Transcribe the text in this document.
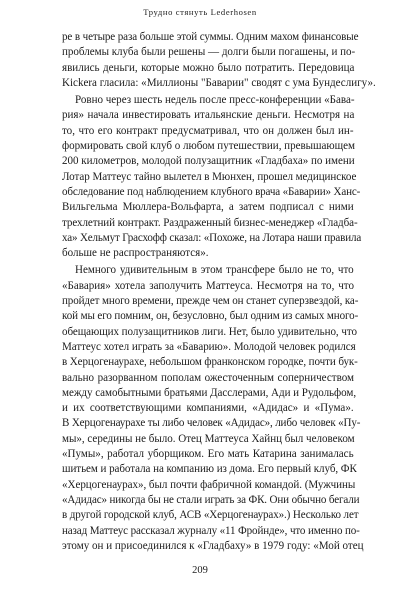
Трудно стянуть Lederhosen

ре в четыре раза больше этой суммы. Одним махом финансовые
проблемы клуба были решены — долги были погашены, и по-
явились деньги, которые можно было потратить. Передовица
Kickera гласила: «Миллионы "Баварии" сводят с ума Бундеслигу».

Ровно через шесть недель после пресс-конференции «Бава-
рия» начала инвестировать итальянские деньги. Несмотря на
то, что его контракт предусматривал, что он должен был ин-
формировать свой клуб о любом путешествии, превышающем
200 километров, молодой полузащитник «Гладбаха» по имени
Лотар Маттеус тайно вылетел в Мюнхен, прошел медицинское
обследование под наблюдением клубного врача «Баварии» Ханс-
Вильгельма Мюллера-Вольфарта, а затем подписал с ними
трехлетний контракт. Раздраженный бизнес-менеджер «Гладба-
ха» Хельмут Грасхофф сказал: «Похоже, на Лотара наши правила
больше не распространяются».

Немного удивительным в этом трансфере было не то, что
«Бавария» хотела заполучить Маттеуса. Несмотря на то, что
пройдет много времени, прежде чем он станет суперзвездой, ка-
кой мы его помним, он, безусловно, был одним из самых много-
обещающих полузащитников лиги. Нет, было удивительно, что
Маттеус хотел играть за «Баварию». Молодой человек родился
в Херцогенаурахе, небольшом франконском городке, почти бук-
вально разорванном пополам ожесточенным соперничеством
между самобытными братьями Дасслерами, Ади и Рудольфом,
и их соответствующими компаниями, «Адидас» и «Пума».
В Херцогенаурахе ты либо человек «Адидас», либо человек «Пу-
мы», середины не было. Отец Маттеуса Хайнц был человеком
«Пумы», работал уборщиком. Его мать Катарина занималась
шитьем и работала на компанию из дома. Его первый клуб, ФК
«Херцогенаурах», был почти фабричной командой. (Мужчины
«Адидас» никогда бы не стали играть за ФК. Они обычно бегали
в другой городской клуб, АСВ «Херцогенаурах».) Несколько лет
назад Маттеус рассказал журналу «11 Фройнде», что именно по-
этому он и присоединился к «Гладбаху» в 1979 году: «Мой отец

209
